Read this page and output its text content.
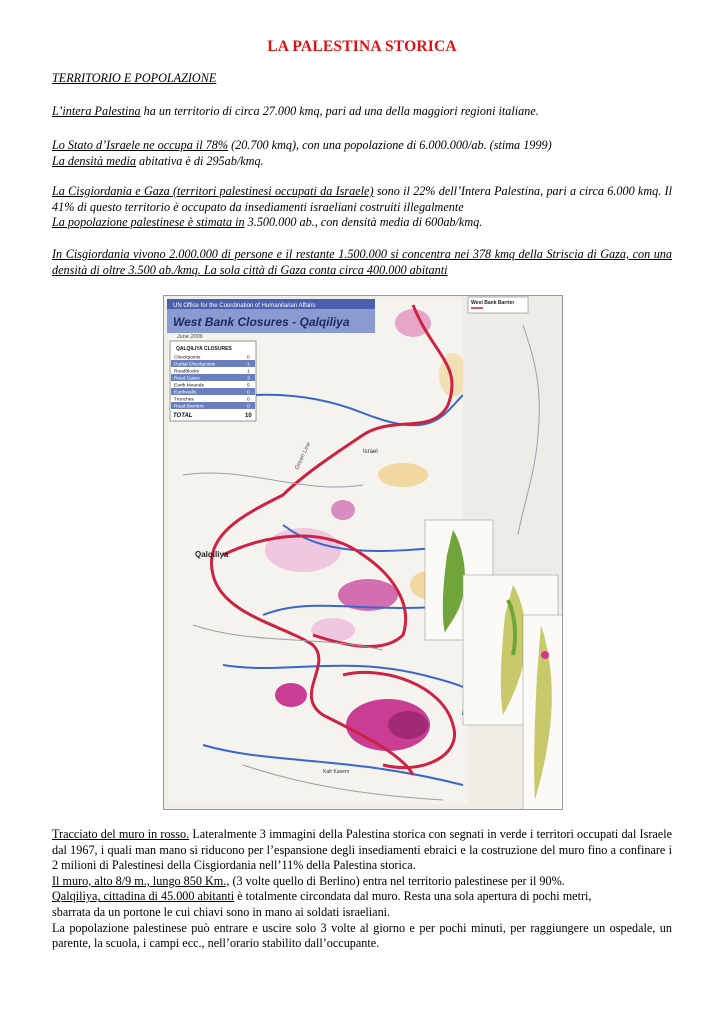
LA PALESTINA STORICA
TERRITORIO E POPOLAZIONE
L’intera Palestina ha un territorio di circa 27.000 kmq, pari ad una della maggiori regioni italiane.
Lo Stato d’Israele ne occupa il 78% (20.700 kmq), con una popolazione di 6.000.000/ab. (stima 1999)
La densità media abitativa è di 295ab/kmq.
La Cisgiordania e Gaza (territori palestinesi occupati da Israele) sono il 22% dell’Intera Palestina, pari a circa 6.000 kmq. Il 41% di questo territorio è occupato da insediamenti israeliani costruiti illegalmente
La popolazione palestinese è stimata in 3.500.000 ab., con densità media di 600ab/kmq.
In Cisgiordania vivono 2.000.000 di persone e il restante 1.500.000 si concentra nei 378 kmq della Striscia di Gaza, con una densità di oltre 3.500 ab./kmq. La sola città di Gaza conta circa 400.000 abitanti
UN Office for the Coordination of Humanitarian Affairs
West Bank Closures - Qalqiliya
June 2006
QALQILIYA CLOSURES
Checkpoints	0
Partial Checkpoints	1
Roadblocks	1
Road Gates	3
Earth Mounds	5
Earthwalls	0
Trenches	0
Road Barriers	0
TOTAL	10
Qalqiliya
Green Line	Israel
Kafr Kasem
West Bank Barrier
Tracciato del muro in rosso. Lateralmente 3 immagini della Palestina storica con segnati in verde i territori occupati dal Israele dal 1967, i quali man mano si riducono per l’espansione degli insediamenti ebraici e la costruzione del muro fino a confinare i 2 milioni di Palestinesi della Cisgiordania nell’11% della Palestina storica.
Il muro, alto 8/9 m., lungo 850 Km., (3 volte quello di Berlino) entra nel territorio palestinese per il 90%.
Qalqiliya, cittadina di 45.000 abitanti è totalmente circondata dal muro. Resta una sola apertura di pochi metri,
sbarrata da un portone le cui chiavi sono in mano ai soldati israeliani.
La popolazione palestinese può entrare e uscire solo 3 volte al giorno e per pochi minuti, per raggiungere un ospedale, un parente, la scuola, i campi ecc., nell’orario stabilito dall’occupante.
